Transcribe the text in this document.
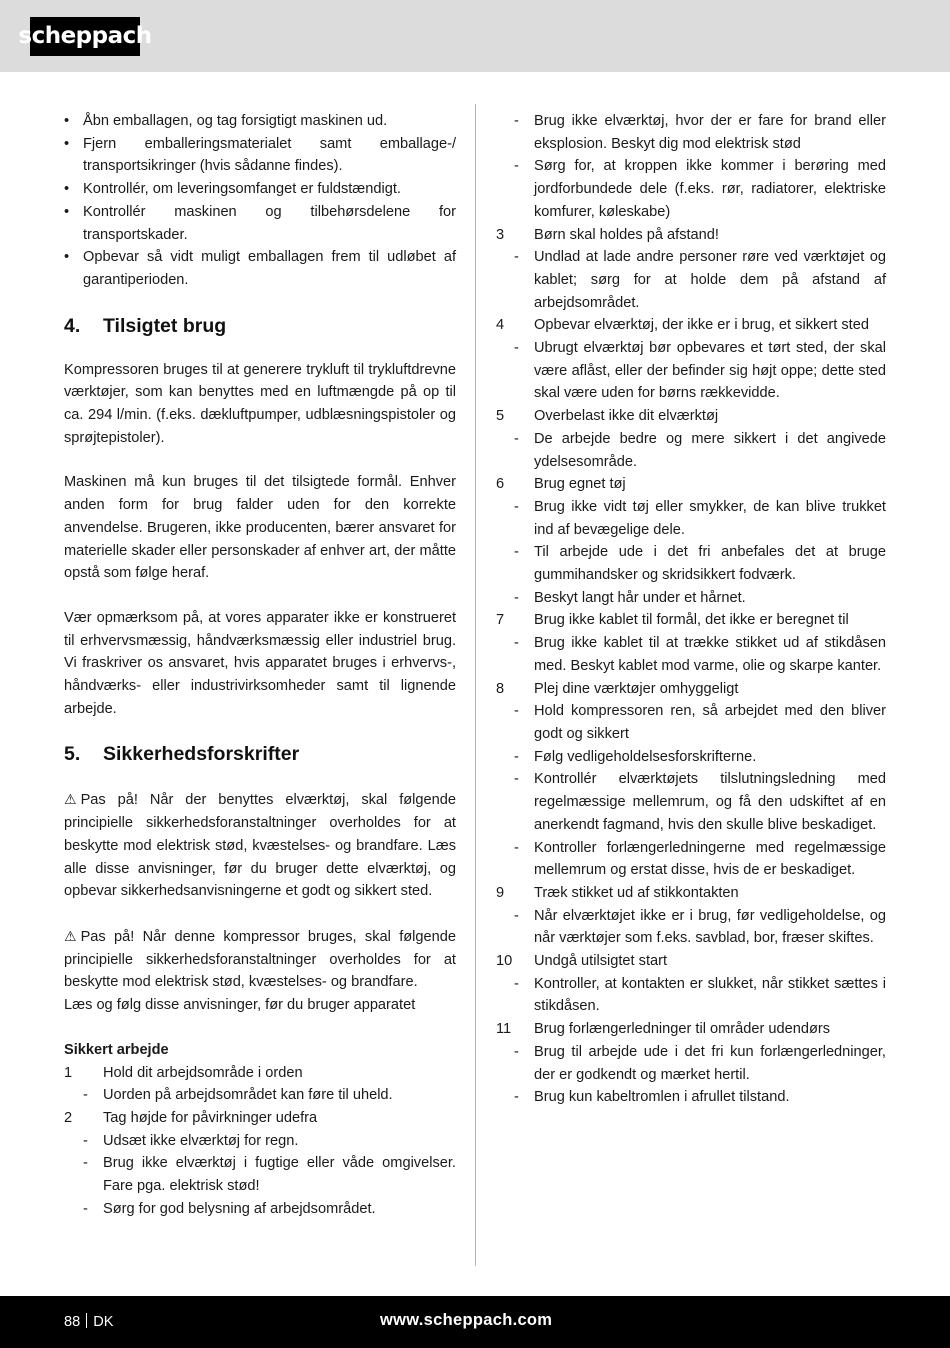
scheppach
• Åbn emballagen, og tag forsigtigt maskinen ud.
• Fjern emballeringsmaterialet samt emballage-/ transportsikringer (hvis sådanne findes).
• Kontrollér, om leveringsomfanget er fuldstændigt.
• Kontrollér maskinen og tilbehørsdelene for transportskader.
• Opbevar så vidt muligt emballagen frem til udløbet af garantiperioden.
4. Tilsigtet brug

Kompressoren bruges til at generere trykluft til trykluftdrevne værktøjer, som kan benyttes med en luftmængde på op til ca. 294 l/min. (f.eks. dækluftpumper, udblæsningspistoler og sprøjtepistoler).

Maskinen må kun bruges til det tilsigtede formål. Enhver anden form for brug falder uden for den korrekte anvendelse. Brugeren, ikke producenten, bærer ansvaret for materielle skader eller personskader af enhver art, der måtte opstå som følge heraf.

Vær opmærksom på, at vores apparater ikke er konstrueret til erhvervsmæssig, håndværksmæssig eller industriel brug. Vi fraskriver os ansvaret, hvis apparatet bruges i erhvervs-, håndværks- eller industrivirksomheder samt til lignende arbejde.

5. Sikkerhedsforskrifter

⚠ Pas på! Når der benyttes elværktøj, skal følgende principielle sikkerhedsforanstaltninger overholdes for at beskytte mod elektrisk stød, kvæstelses- og brandfare. Læs alle disse anvisninger, før du bruger dette elværktøj, og opbevar sikkerhedsanvisningerne et godt og sikkert sted.

⚠ Pas på! Når denne kompressor bruges, skal følgende principielle sikkerhedsforanstaltninger overholdes for at beskytte mod elektrisk stød, kvæstelses- og brandfare.

Læs og følg disse anvisninger, før du bruger apparatet

Sikkert arbejde
1 Hold dit arbejdsområde i orden
- Uorden på arbejdsområdet kan føre til uheld.
2 Tag højde for påvirkninger udefra
- Udsæt ikke elværktøj for regn.
- Brug ikke elværktøj i fugtige eller våde omgivelser. Fare pga. elektrisk stød!
- Sørg for god belysning af arbejdsområdet.
- Brug ikke elværktøj, hvor der er fare for brand eller eksplosion. Beskyt dig mod elektrisk stød
- Sørg for, at kroppen ikke kommer i berøring med jordforbundede dele (f.eks. rør, radiatorer, elektriske komfurer, køleskabe)
3 Børn skal holdes på afstand!
- Undlad at lade andre personer røre ved værktøjet og kablet; sørg for at holde dem på afstand af arbejdsområdet.
4 Opbevar elværktøj, der ikke er i brug, et sikkert sted
- Ubrugt elværktøj bør opbevares et tørt sted, der skal være aflåst, eller der befinder sig højt oppe; dette sted skal være uden for børns rækkevidde.
5 Overbelast ikke dit elværktøj
- De arbejde bedre og mere sikkert i det angivede ydelsesområde.
6 Brug egnet tøj
- Brug ikke vidt tøj eller smykker, de kan blive trukket ind af bevægelige dele.
- Til arbejde ude i det fri anbefales det at bruge gummihandsker og skridsikkert fodværk.
- Beskyt langt hår under et hårnet.
7 Brug ikke kablet til formål, det ikke er beregnet til
- Brug ikke kablet til at trække stikket ud af stikdåsen med. Beskyt kablet mod varme, olie og skarpe kanter.
8 Plej dine værktøjer omhyggeligt
- Hold kompressoren ren, så arbejdet med den bliver godt og sikkert
- Følg vedligeholdelsesforskrifterne.
- Kontrollér elværktøjets tilslutningsledning med regelmæssige mellemrum, og få den udskiftet af en anerkendt fagmand, hvis den skulle blive beskadiget.
- Kontroller forlængerledningerne med regelmæssige mellemrum og erstat disse, hvis de er beskadiget.
9 Træk stikket ud af stikkontakten
- Når elværktøjet ikke er i brug, før vedligeholdelse, og når værktøjer som f.eks. savblad, bor, fræser skiftes.
10 Undgå utilsigtet start
- Kontroller, at kontakten er slukket, når stikket sættes i stikdåsen.
11 Brug forlængerledninger til områder udendørs
- Brug til arbejde ude i det fri kun forlængerledninger, der er godkendt og mærket hertil.
- Brug kun kabeltromlen i afrullet tilstand.
88 DK	www.scheppach.com
